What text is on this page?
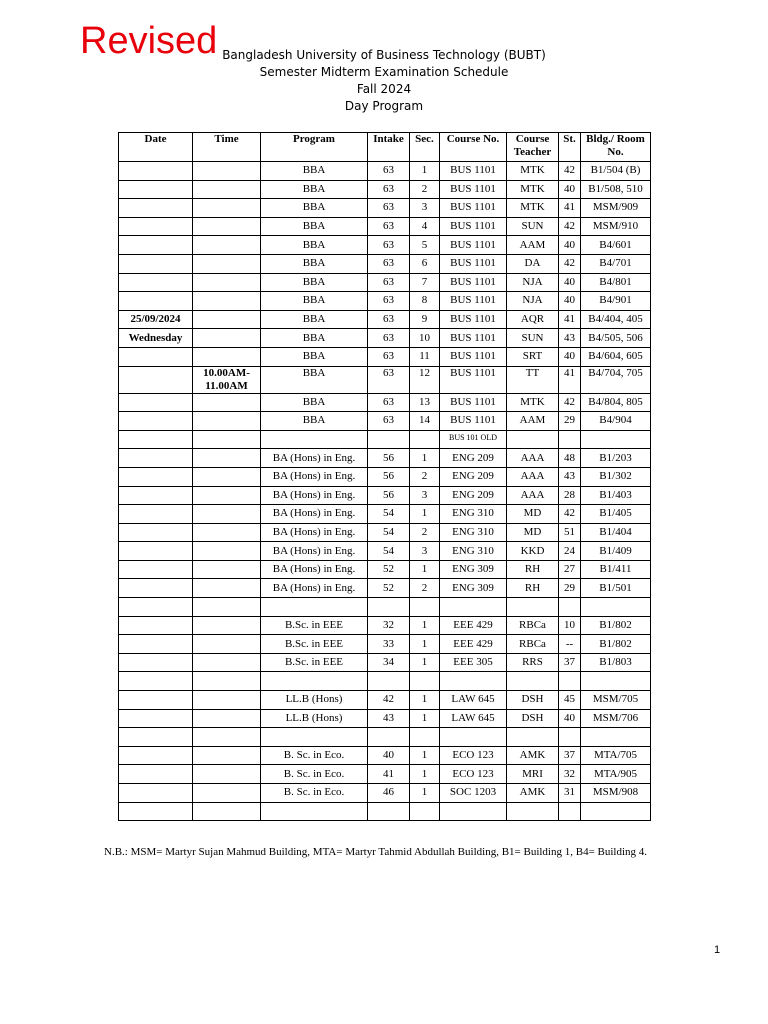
Revised Bangladesh University of Business Technology (BUBT)
Semester Midterm Examination Schedule
Fall 2024
Day Program
Date	Time	Program	Intake	Sec.	Course No.	Course Teacher	St.	Bldg./ Room No.
		BBA	63	1	BUS 1101	MTK	42	B1/504 (B)
		BBA	63	2	BUS 1101	MTK	40	B1/508, 510
		BBA	63	3	BUS 1101	MTK	41	MSM/909
		BBA	63	4	BUS 1101	SUN	42	MSM/910
		BBA	63	5	BUS 1101	AAM	40	B4/601
		BBA	63	6	BUS 1101	DA	42	B4/701
		BBA	63	7	BUS 1101	NJA	40	B4/801
		BBA	63	8	BUS 1101	NJA	40	B4/901
25/09/2024		BBA	63	9	BUS 1101	AQR	41	B4/404, 405
Wednesday		BBA	63	10	BUS 1101	SUN	43	B4/505, 506
		BBA	63	11	BUS 1101	SRT	40	B4/604, 605
	10.00AM-11.00AM	BBA	63	12	BUS 1101	TT	41	B4/704, 705
		BBA	63	13	BUS 1101	MTK	42	B4/804, 805
		BBA	63	14	BUS 1101	AAM	29	B4/904
					BUS 101 OLD			
		BA (Hons) in Eng.	56	1	ENG 209	AAA	48	B1/203
		BA (Hons) in Eng.	56	2	ENG 209	AAA	43	B1/302
		BA (Hons) in Eng.	56	3	ENG 209	AAA	28	B1/403
		BA (Hons) in Eng.	54	1	ENG 310	MD	42	B1/405
		BA (Hons) in Eng.	54	2	ENG 310	MD	51	B1/404
		BA (Hons) in Eng.	54	3	ENG 310	KKD	24	B1/409
		BA (Hons) in Eng.	52	1	ENG 309	RH	27	B1/411
		BA (Hons) in Eng.	52	2	ENG 309	RH	29	B1/501

		B.Sc. in EEE	32	1	EEE 429	RBCa	10	B1/802
		B.Sc. in EEE	33	1	EEE 429	RBCa	--	B1/802
		B.Sc. in EEE	34	1	EEE 305	RRS	37	B1/803

		LL.B (Hons)	42	1	LAW 645	DSH	45	MSM/705
		LL.B (Hons)	43	1	LAW 645	DSH	40	MSM/706

		B. Sc. in Eco.	40	1	ECO 123	AMK	37	MTA/705
		B. Sc. in Eco.	41	1	ECO 123	MRI	32	MTA/905
		B. Sc. in Eco.	46	1	SOC 1203	AMK	31	MSM/908

N.B.: MSM= Martyr Sujan Mahmud Building, MTA= Martyr Tahmid Abdullah Building, B1= Building 1, B4= Building 4.
1
